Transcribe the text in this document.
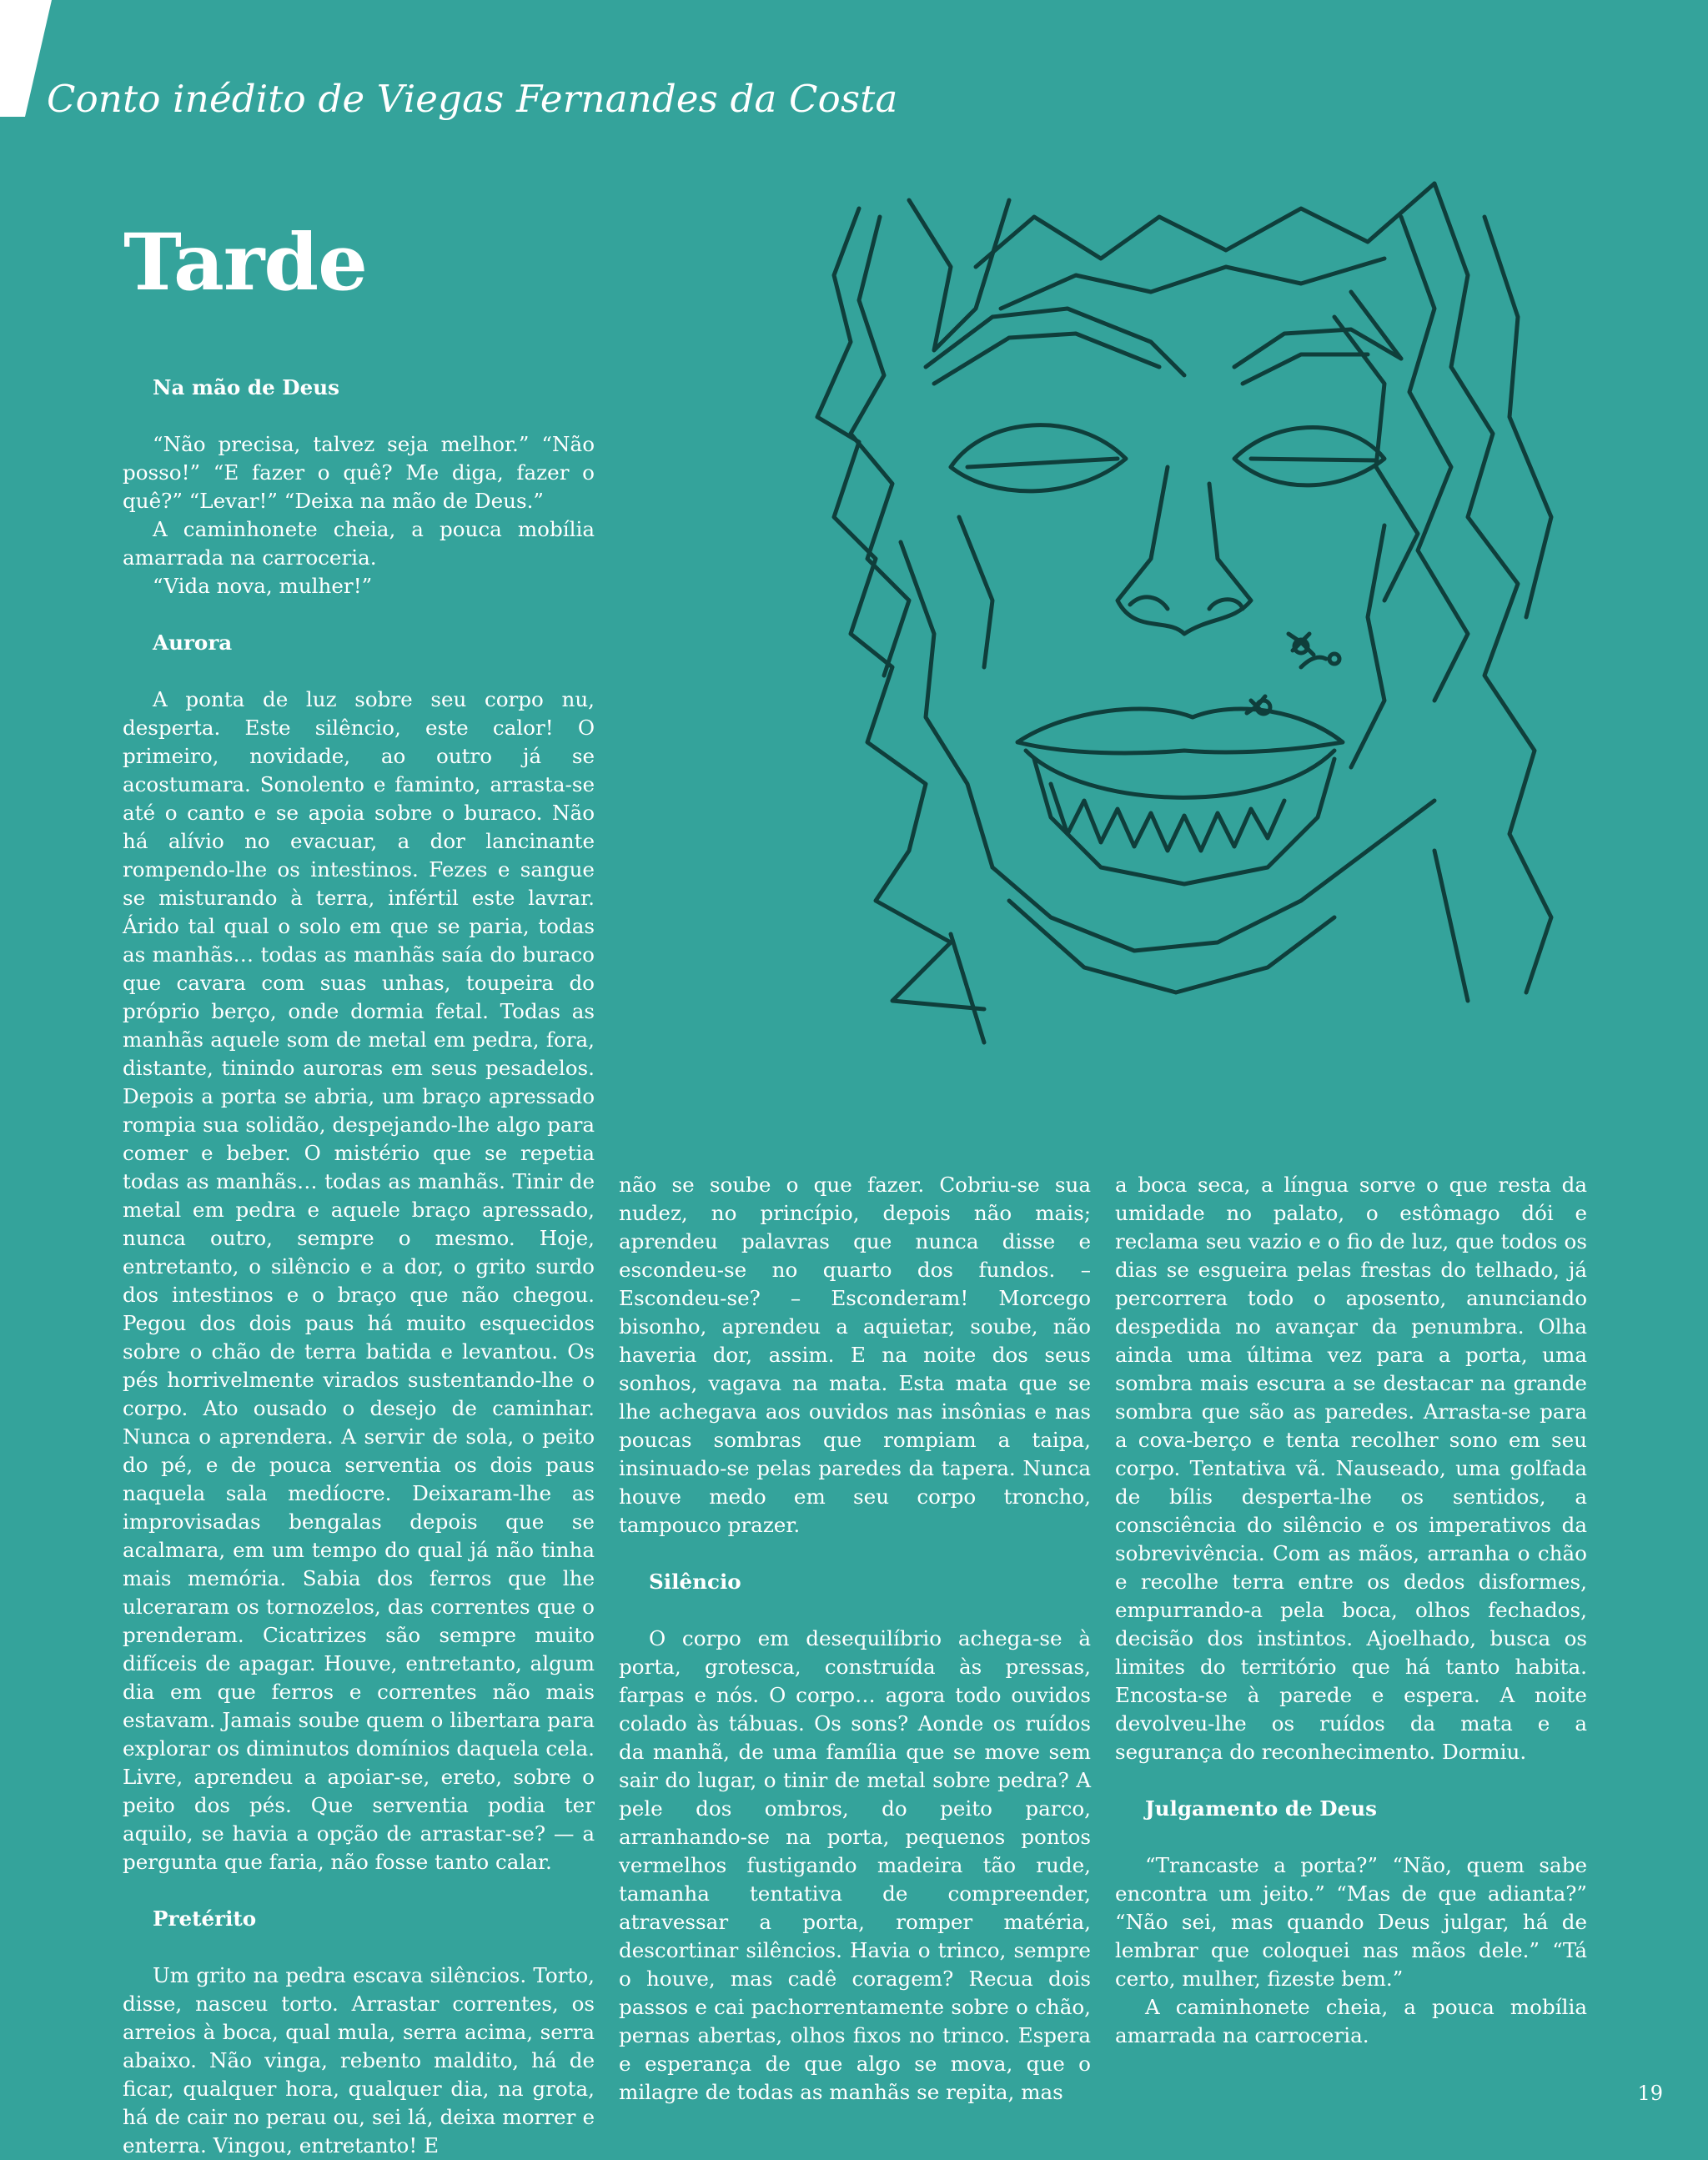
Conto inédito de Viegas Fernandes da Costa
Tarde
Na mão de Deus

“Não precisa, talvez seja melhor.” “Não posso!” “E fazer o quê? Me diga, fazer o quê?” “Levar!” “Deixa na mão de Deus.”

A caminhonete cheia, a pouca mobília amarrada na carroceria.

“Vida nova, mulher!”

Aurora

A ponta de luz sobre seu corpo nu, desperta. Este silêncio, este calor! O primeiro, novidade, ao outro já se acostumara. Sonolento e faminto, arrasta-se até o canto e se apoia sobre o buraco. Não há alívio no evacuar, a dor lancinante rompendo-lhe os intestinos. Fezes e sangue se misturando à terra, infértil este lavrar. Árido tal qual o solo em que se paria, todas as manhãs… todas as manhãs saía do buraco que cavara com suas unhas, toupeira do próprio berço, onde dormia fetal. Todas as manhãs aquele som de metal em pedra, fora, distante, tinindo auroras em seus pesadelos. Depois a porta se abria, um braço apressado rompia sua solidão, despejando-lhe algo para comer e beber. O mistério que se repetia todas as manhãs… todas as manhãs. Tinir de metal em pedra e aquele braço apressado, nunca outro, sempre o mesmo. Hoje, entretanto, o silêncio e a dor, o grito surdo dos intestinos e o braço que não chegou. Pegou dos dois paus há muito esquecidos sobre o chão de terra batida e levantou. Os pés horrivelmente virados sustentando-lhe o corpo. Ato ousado o desejo de caminhar. Nunca o aprendera. A servir de sola, o peito do pé, e de pouca serventia os dois paus naquela sala medíocre. Deixaram-lhe as improvisadas bengalas depois que se acalmara, em um tempo do qual já não tinha mais memória. Sabia dos ferros que lhe ulceraram os tornozelos, das correntes que o prenderam. Cicatrizes são sempre muito difíceis de apagar. Houve, entretanto, algum dia em que ferros e correntes não mais estavam. Jamais soube quem o libertara para explorar os diminutos domínios daquela cela. Livre, aprendeu a apoiar-se, ereto, sobre o peito dos pés. Que serventia podia ter aquilo, se havia a opção de arrastar-se? — a pergunta que faria, não fosse tanto calar.

Pretérito

Um grito na pedra escava silêncios. Torto, disse, nasceu torto. Arrastar correntes, os arreios à boca, qual mula, serra acima, serra abaixo. Não vinga, rebento maldito, há de ficar, qualquer hora, qualquer dia, na grota, há de cair no perau ou, sei lá, deixa morrer e enterra. Vingou, entretanto! E

não se soube o que fazer. Cobriu-se sua nudez, no princípio, depois não mais; aprendeu palavras que nunca disse e escondeu-se no quarto dos fundos. – Escondeu-se? – Esconderam! Morcego bisonho, aprendeu a aquietar, soube, não haveria dor, assim. E na noite dos seus sonhos, vagava na mata. Esta mata que se lhe achegava aos ouvidos nas insônias e nas poucas sombras que rompiam a taipa, insinuado-se pelas paredes da tapera. Nunca houve medo em seu corpo troncho, tampouco prazer.

Silêncio

O corpo em desequilíbrio achega-se à porta, grotesca, construída às pressas, farpas e nós. O corpo… agora todo ouvidos colado às tábuas. Os sons? Aonde os ruídos da manhã, de uma família que se move sem sair do lugar, o tinir de metal sobre pedra? A pele dos ombros, do peito parco, arranhando-se na porta, pequenos pontos vermelhos fustigando madeira tão rude, tamanha tentativa de compreender, atravessar a porta, romper matéria, descortinar silêncios. Havia o trinco, sempre o houve, mas cadê coragem? Recua dois passos e cai pachorrentamente sobre o chão, pernas abertas, olhos fixos no trinco. Espera e esperança de que algo se mova, que o milagre de todas as manhãs se repita, mas

a boca seca, a língua sorve o que resta da umidade no palato, o estômago dói e reclama seu vazio e o fio de luz, que todos os dias se esgueira pelas frestas do telhado, já percorrera todo o aposento, anunciando despedida no avançar da penumbra. Olha ainda uma última vez para a porta, uma sombra mais escura a se destacar na grande sombra que são as paredes. Arrasta-se para a cova-berço e tenta recolher sono em seu corpo. Tentativa vã. Nauseado, uma golfada de bílis desperta-lhe os sentidos, a consciência do silêncio e os imperativos da sobrevivência. Com as mãos, arranha o chão e recolhe terra entre os dedos disformes, empurrando-a pela boca, olhos fechados, decisão dos instintos. Ajoelhado, busca os limites do território que há tanto habita. Encosta-se à parede e espera. A noite devolveu-lhe os ruídos da mata e a segurança do reconhecimento. Dormiu.

Julgamento de Deus

“Trancaste a porta?” “Não, quem sabe encontra um jeito.” “Mas de que adianta?” “Não sei, mas quando Deus julgar, há de lembrar que coloquei nas mãos dele.” “Tá certo, mulher, fizeste bem.”

A caminhonete cheia, a pouca mobília amarrada na carroceria.

19
